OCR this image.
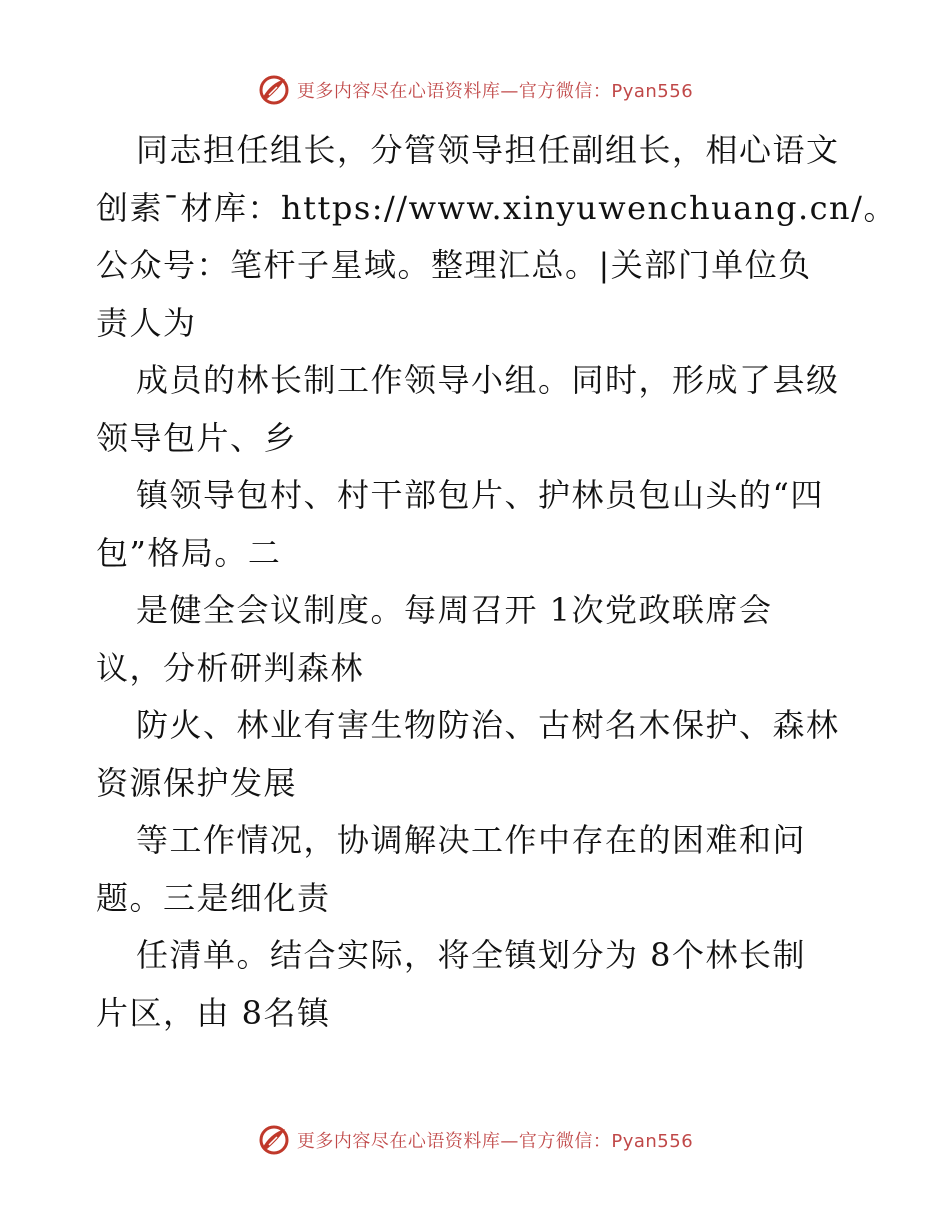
更多内容尽在心语资料库—官方微信：Pyan556
同志担任组长，分管领导担任副组长，相心语文
创素¯材库：https://www.xinyuwenchuang.cn/。
公众号：笔杆子星域。整理汇总。|关部门单位负
责人为
成员的林长制工作领导小组。同时，形成了县级
领导包片、乡
镇领导包村、村干部包片、护林员包山头的“四
包”格局。二
是健全会议制度。每周召开 1次党政联席会
议，分析研判森林
防火、林业有害生物防治、古树名木保护、森林
资源保护发展
等工作情况，协调解决工作中存在的困难和问
题。三是细化责
任清单。结合实际，将全镇划分为 8个林长制
片区，由 8名镇
更多内容尽在心语资料库—官方微信：Pyan556
